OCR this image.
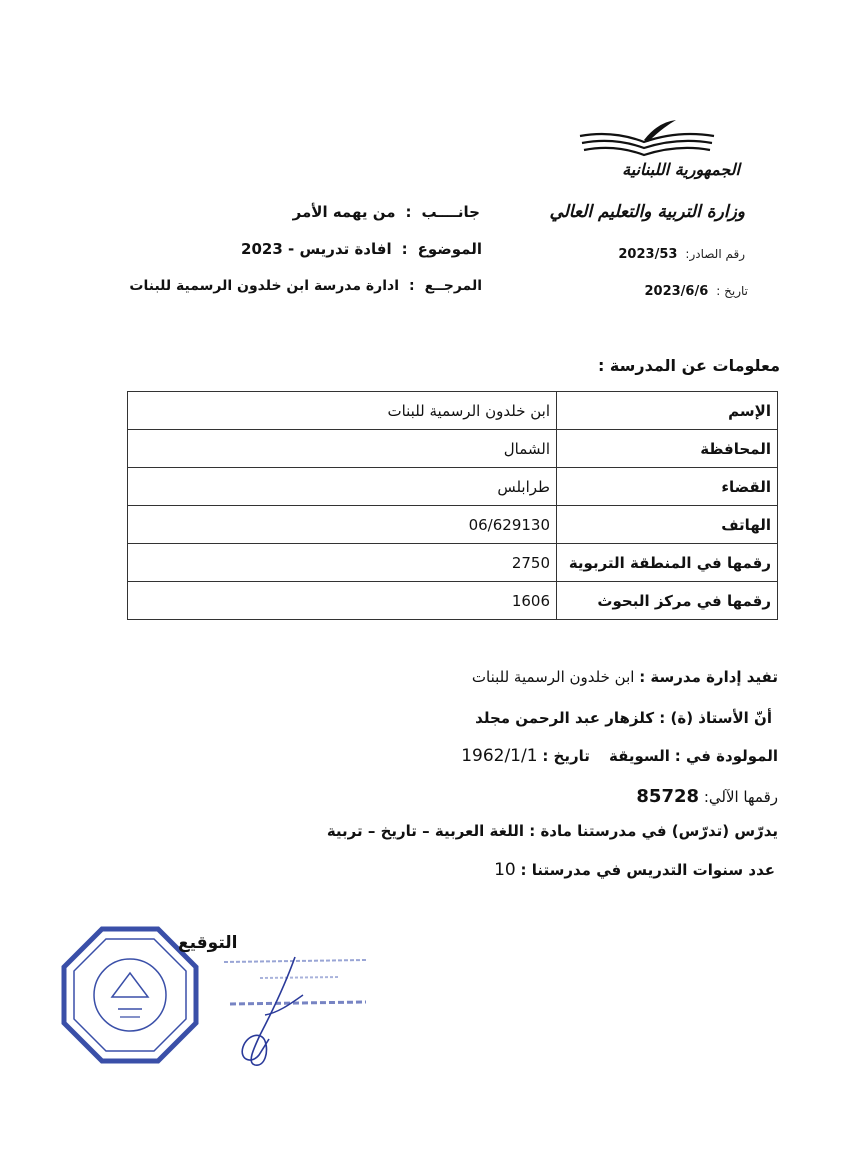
الجمهورية اللبنانية
وزارة التربية والتعليم العالي
رقم الصادر:
2023/53
تاريخ :
2023/6/6
جانــــب
:
من يهمه الأمر
الموضوع
:
افادة تدريس - 2023
المرجــع
:
ادارة مدرسة ابن خلدون الرسمية للبنات
معلومات عن المدرسة :
الإسم	ابن خلدون الرسمية للبنات
المحافظة	الشمال
القضاء	طرابلس
الهاتف	06/629130
رقمها في المنطقة التربوية	2750
رقمها في مركز البحوث	1606
تفيد إدارة مدرسة : ابن خلدون الرسمية للبنات
أنّ الأستاذ (ة) : كلزهار عبد الرحمن مجلد
المولودة في : السويقة    تاريخ : 1962/1/1
رقمها الآلي: 85728
يدرّس (تدرّس) في مدرستنا مادة : اللغة العربية – تاريخ – تربية
عدد سنوات التدريس في مدرستنا : 10
التوقيع
